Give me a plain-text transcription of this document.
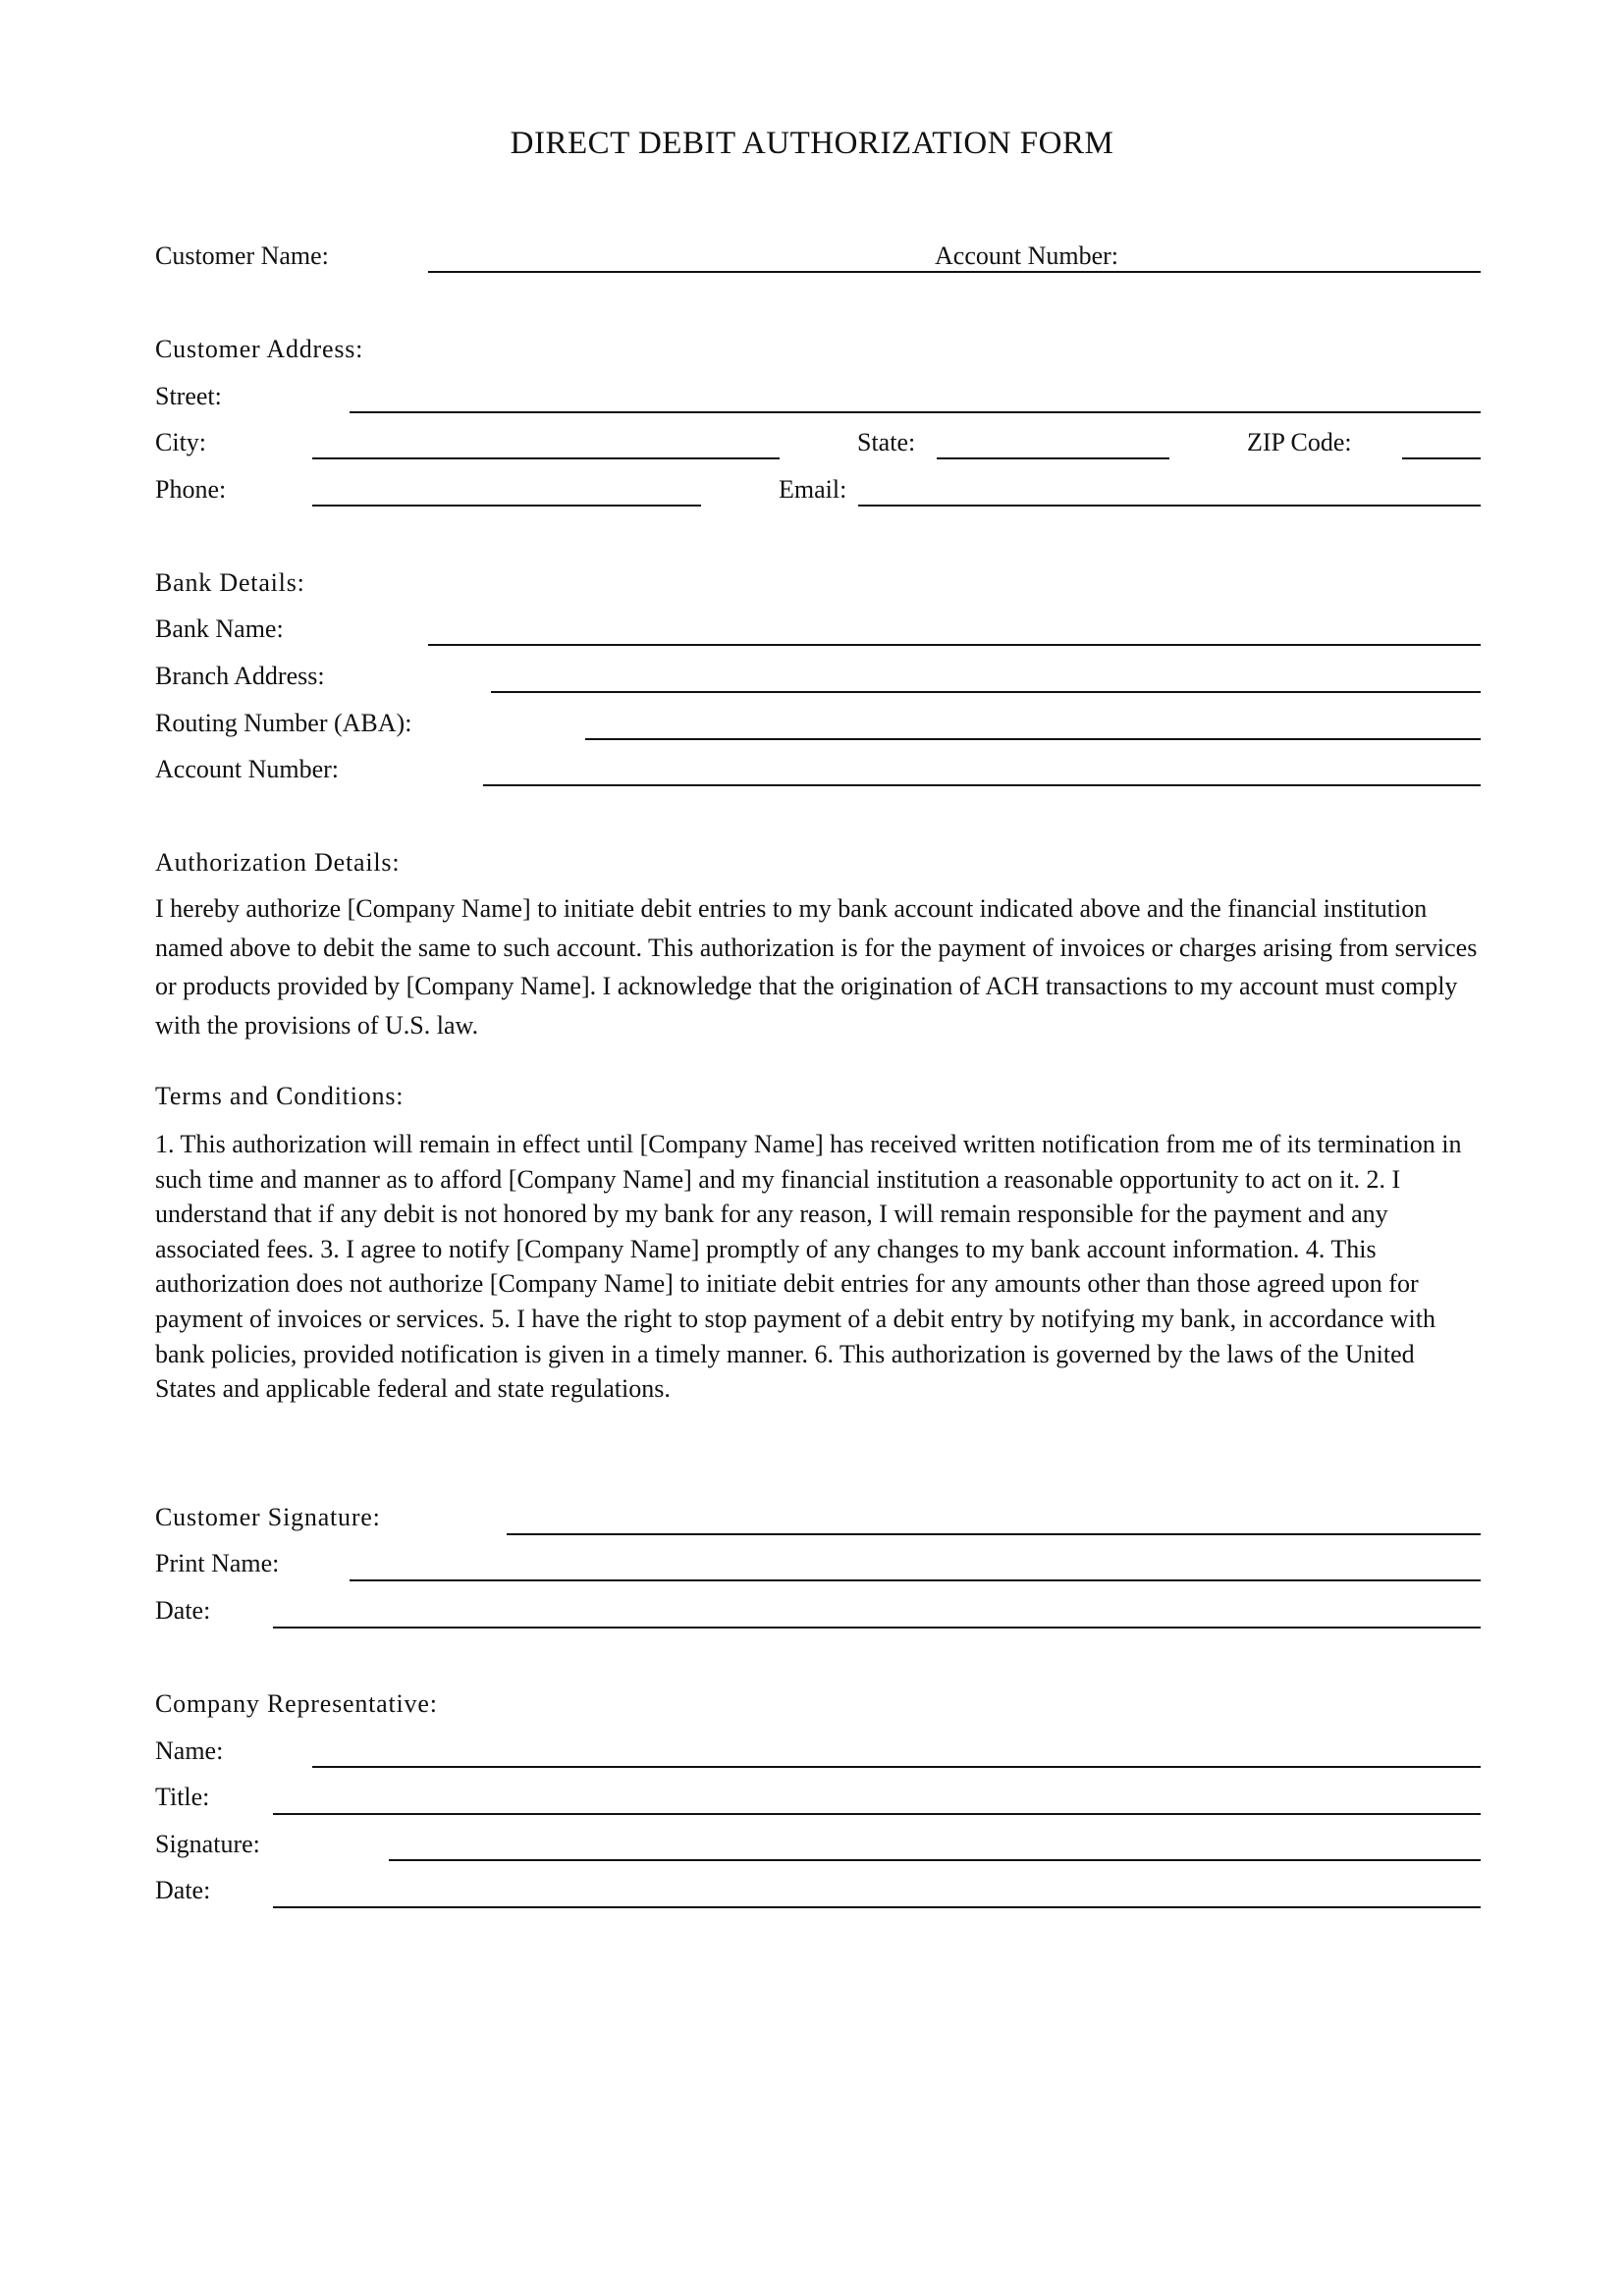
DIRECT DEBIT AUTHORIZATION FORM
Customer Name:	Account Number:
Customer Address:
Street:
City:	State:	ZIP Code:
Phone:	Email:
Bank Details:
Bank Name:
Branch Address:
Routing Number (ABA):
Account Number:
Authorization Details:
I hereby authorize [Company Name] to initiate debit entries to my bank account indicated above and the financial institution named above to debit the same to such account. This authorization is for the payment of invoices or charges arising from services or products provided by [Company Name]. I acknowledge that the origination of ACH transactions to my account must comply with the provisions of U.S. law.
Terms and Conditions:
1. This authorization will remain in effect until [Company Name] has received written notification from me of its termination in such time and manner as to afford [Company Name] and my financial institution a reasonable opportunity to act on it. 2. I understand that if any debit is not honored by my bank for any reason, I will remain responsible for the payment and any associated fees. 3. I agree to notify [Company Name] promptly of any changes to my bank account information. 4. This authorization does not authorize [Company Name] to initiate debit entries for any amounts other than those agreed upon for payment of invoices or services. 5. I have the right to stop payment of a debit entry by notifying my bank, in accordance with bank policies, provided notification is given in a timely manner. 6. This authorization is governed by the laws of the United States and applicable federal and state regulations.
Customer Signature:
Print Name:
Date:
Company Representative:
Name:
Title:
Signature:
Date:
